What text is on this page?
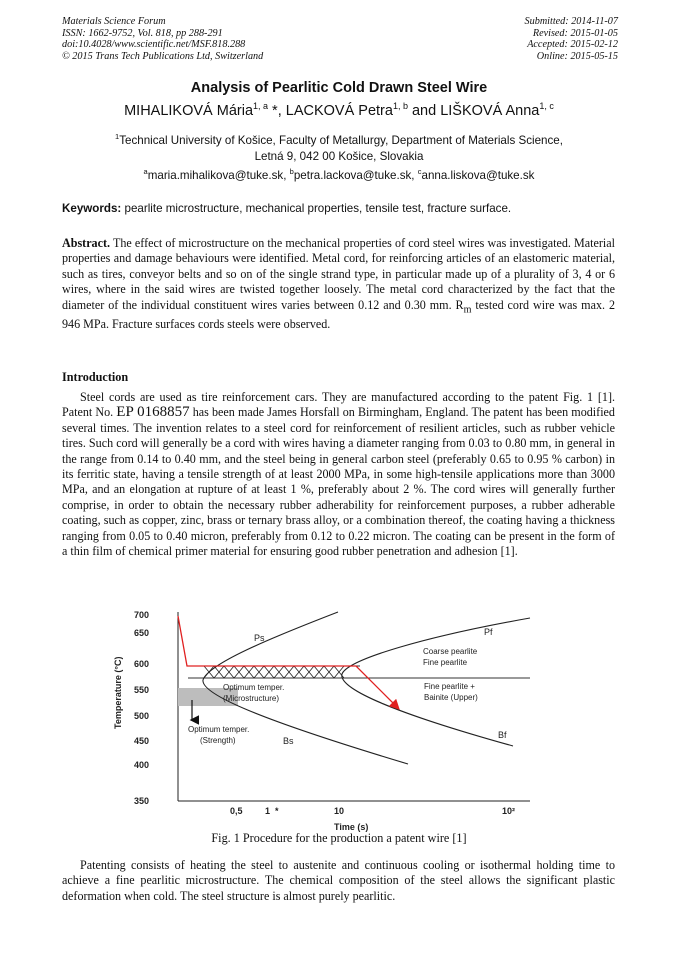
Materials Science Forum
ISSN: 1662-9752, Vol. 818, pp 288-291
doi:10.4028/www.scientific.net/MSF.818.288
© 2015 Trans Tech Publications Ltd, Switzerland
Submitted: 2014-11-07
Revised: 2015-01-05
Accepted: 2015-02-12
Online: 2015-05-15
Analysis of Pearlitic Cold Drawn Steel Wire
MIHALIKOVÁ Mária$^{1, a}$ *, LACKOVÁ Petra$^{1, b}$ and LIŠKOVÁ Anna$^{1, c}$
$^1$Technical University of Košice, Faculty of Metallurgy, Department of Materials Science,
Letná 9, 042 00 Košice, Slovakia
$^a$maria.mihalikova@tuke.sk, $^b$petra.lackova@tuke.sk, $^c$anna.liskova@tuke.sk
Keywords: pearlite microstructure, mechanical properties, tensile test, fracture surface.
Abstract. The effect of microstructure on the mechanical properties of cord steel wires was investigated. Material properties and damage behaviours were identified. Metal cord, for reinforcing articles of an elastomeric material, such as tires, conveyor belts and so on of the single strand type, in particular made up of a plurality of 3, 4 or 6 wires, where in the said wires are twisted together loosely. The metal cord characterized by the fact that the diameter of the individual constituent wires varies between 0.12 and 0.30 mm. $R_m$ tested cord wire was max. 2 946 MPa. Fracture surfaces cords steels were observed.
Introduction
Steel cords are used as tire reinforcement cars. They are manufactured according to the patent Fig. 1 [1]. Patent No. EP 0168857 has been made James Horsfall on Birmingham, England. The patent has been modified several times. The invention relates to a steel cord for reinforcement of resilient articles, such as rubber vehicle tires. Such cord will generally be a cord with wires having a diameter ranging from 0.03 to 0.80 mm, in general in the range from 0.14 to 0.40 mm, and the steel being in general carbon steel (preferably 0.65 to 0.95 % carbon) in its ferritic state, having a tensile strength of at least 2000 MPa, in some high-tensile applications more than 3000 MPa, and an elongation at rupture of at least 1 %, preferably about 2 %. The cord wires will generally further comprise, in order to obtain the necessary rubber adherability for reinforcement purposes, a rubber adherable coating, such as copper, zinc, brass or ternary brass alloy, or a combination thereof, the coating having a thickness ranging from 0.05 to 0.40 micron, preferably from 0.12 to 0.22 micron. The coating can be present in the form of a thin film of chemical primer material for ensuring good rubber penetration and adhesion [1].
700
650
600
550
500
450
400
350
Temperature (°C)
0,5 1	10	10²
Time (s)
*
Ps
Pf
Bs
Bf
Coarse pearlite
Fine pearlite
Fine pearlite +
Bainite (Upper)
Optimum temper.
(Microstructure)
Optimum temper.
(Strength)
Fig. 1 Procedure for the production a patent wire [1]
Patenting consists of heating the steel to austenite and continuous cooling or isothermal holding time to achieve a fine pearlitic microstructure. The chemical composition of the steel allows the significant plastic deformation when cold. The steel structure is almost purely pearlitic.
